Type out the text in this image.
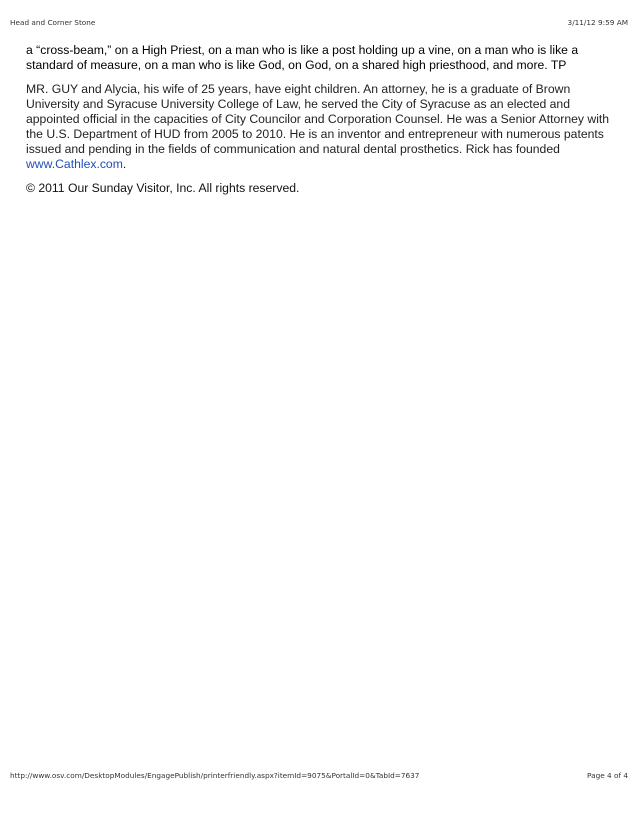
Head and Corner Stone	3/11/12 9:59 AM

a “cross-beam,” on a High Priest, on a man who is like a post holding up a vine, on a man who is like a standard of measure, on a man who is like God, on God, on a shared high priesthood, and more. TP

MR. GUY and Alycia, his wife of 25 years, have eight children. An attorney, he is a graduate of Brown University and Syracuse University College of Law, he served the City of Syracuse as an elected and appointed official in the capacities of City Councilor and Corporation Counsel. He was a Senior Attorney with the U.S. Department of HUD from 2005 to 2010. He is an inventor and entrepreneur with numerous patents issued and pending in the fields of communication and natural dental prosthetics. Rick has founded www.Cathlex.com.

© 2011 Our Sunday Visitor, Inc. All rights reserved.

http://www.osv.com/DesktopModules/EngagePublish/printerfriendly.aspx?itemId=9075&PortalId=0&TabId=7637	Page 4 of 4
